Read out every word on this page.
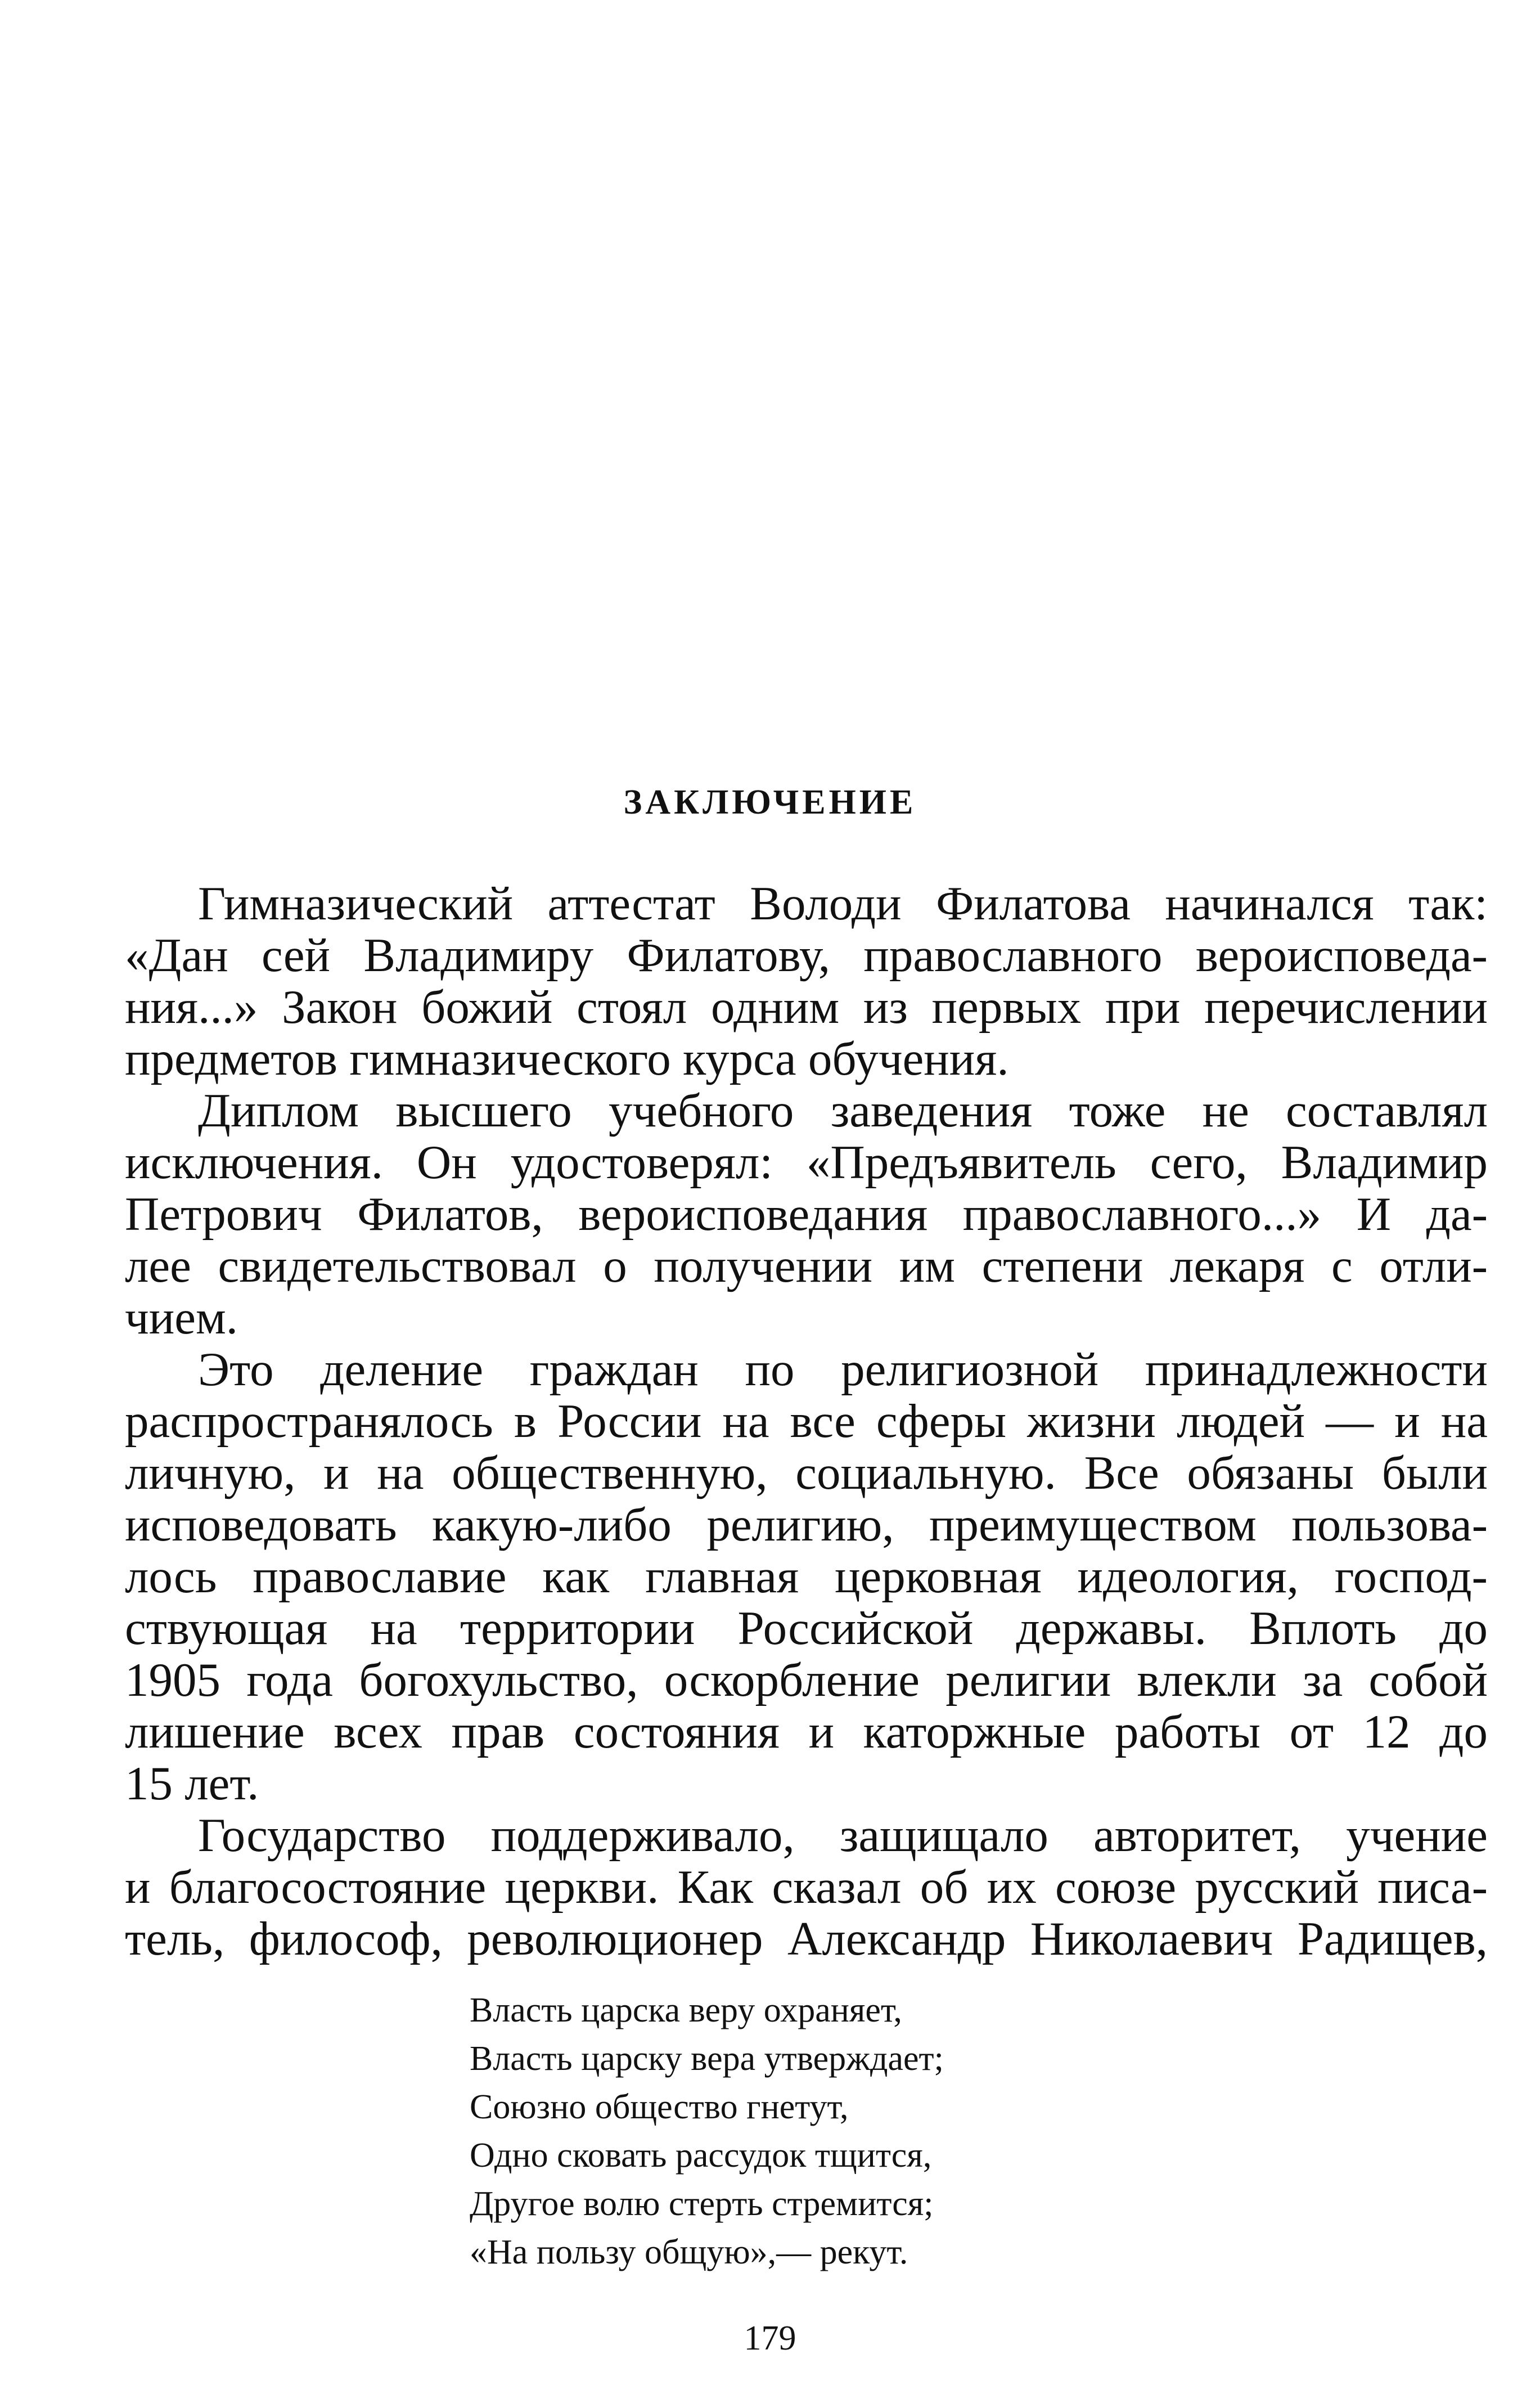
ЗАКЛЮЧЕНИЕ

Гимназический аттестат Володи Филатова начинался так:
«Дан сей Владимиру Филатову, православного вероисповеда-
ния...» Закон божий стоял одним из первых при перечислении
предметов гимназического курса обучения.

Диплом высшего учебного заведения тоже не составлял
исключения. Он удостоверял: «Предъявитель сего, Владимир
Петрович Филатов, вероисповедания православного...» И да-
лее свидетельствовал о получении им степени лекаря с отли-
чием.

Это деление граждан по религиозной принадлежности
распространялось в России на все сферы жизни людей — и на
личную, и на общественную, социальную. Все обязаны были
исповедовать какую-либо религию, преимуществом пользова-
лось православие как главная церковная идеология, господ-
ствующая на территории Российской державы. Вплоть до
1905 года богохульство, оскорбление религии влекли за собой
лишение всех прав состояния и каторжные работы от 12 до
15 лет.

Государство поддерживало, защищало авторитет, учение
и благосостояние церкви. Как сказал об их союзе русский писа-
тель, философ, революционер Александр Николаевич Радищев,

Власть царска веру охраняет,
Власть царску вера утверждает;
Союзно общество гнетут,
Одно сковать рассудок тщится,
Другое волю стерть стремится;
«На пользу общую»,— рекут.
179
